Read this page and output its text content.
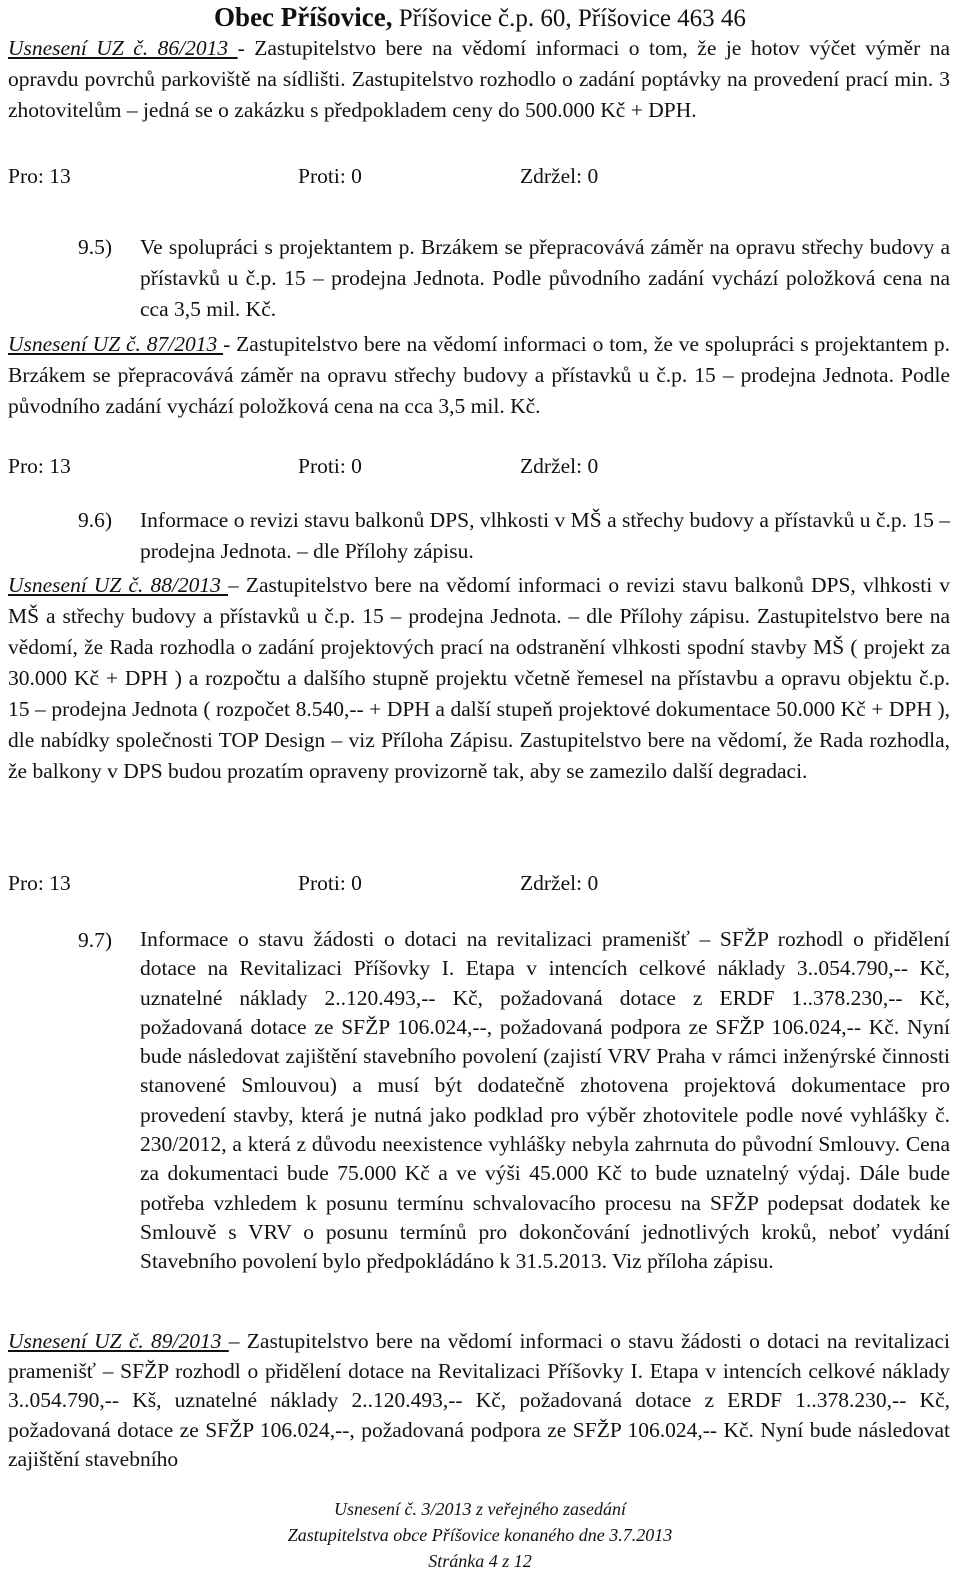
Obec Příšovice, Příšovice č.p. 60, Příšovice 463 46
Usnesení UZ č. 86/2013 - Zastupitelstvo bere na vědomí informaci o tom, že je hotov výčet výměr na opravdu povrchů parkoviště na sídlišti. Zastupitelstvo rozhodlo o zadání poptávky na provedení prací min. 3 zhotovitelům – jedná se o zakázku s předpokladem ceny do 500.000 Kč + DPH.
Pro: 13	Proti: 0	Zdržel: 0
9.5) Ve spolupráci s projektantem p. Brzákem se přepracovává záměr na opravu střechy budovy a přístavků u č.p. 15 – prodejna Jednota. Podle původního zadání vychází položková cena na cca 3,5 mil. Kč.
Usnesení UZ č. 87/2013 - Zastupitelstvo bere na vědomí informaci o tom, že ve spolupráci s projektantem p. Brzákem se přepracovává záměr na opravu střechy budovy a přístavků u č.p. 15 – prodejna Jednota. Podle původního zadání vychází položková cena na cca 3,5 mil. Kč.
Pro: 13	Proti: 0	Zdržel: 0
9.6) Informace o revizi stavu balkonů DPS, vlhkosti v MŠ a střechy budovy a přístavků u č.p. 15 – prodejna Jednota. – dle Přílohy zápisu.
Usnesení UZ č. 88/2013 – Zastupitelstvo bere na vědomí informaci o revizi stavu balkonů DPS, vlhkosti v MŠ a střechy budovy a přístavků u č.p. 15 – prodejna Jednota. – dle Přílohy zápisu. Zastupitelstvo bere na vědomí, že Rada rozhodla o zadání projektových prací na odstranění vlhkosti spodní stavby MŠ ( projekt za 30.000 Kč + DPH ) a rozpočtu a dalšího stupně projektu včetně řemesel na přístavbu a opravu objektu č.p. 15 – prodejna Jednota ( rozpočet 8.540,-- + DPH a další stupeň projektové dokumentace 50.000 Kč + DPH ), dle nabídky společnosti TOP Design – viz Příloha Zápisu. Zastupitelstvo bere na vědomí, že Rada rozhodla, že balkony v DPS budou prozatím opraveny provizorně tak, aby se zamezilo další degradaci.
Pro: 13	Proti: 0	Zdržel: 0
9.7) Informace o stavu žádosti o dotaci na revitalizaci pramenišť – SFŽP rozhodl o přidělení dotace na Revitalizaci Příšovky I. Etapa v intencích celkové náklady 3..054.790,-- Kč, uznatelné náklady 2..120.493,-- Kč, požadovaná dotace z ERDF 1..378.230,-- Kč, požadovaná dotace ze SFŽP 106.024,--, požadovaná podpora ze SFŽP 106.024,-- Kč. Nyní bude následovat zajištění stavebního povolení (zajistí VRV Praha v rámci inženýrské činnosti stanovené Smlouvou) a musí být dodatečně zhotovena projektová dokumentace pro provedení stavby, která je nutná jako podklad pro výběr zhotovitele podle nové vyhlášky č. 230/2012, a která z důvodu neexistence vyhlášky nebyla zahrnuta do původní Smlouvy. Cena za dokumentaci bude 75.000 Kč a ve výši 45.000 Kč to bude uznatelný výdaj. Dále bude potřeba vzhledem k posunu termínu schvalovacího procesu na SFŽP podepsat dodatek ke Smlouvě s VRV o posunu termínů pro dokončování jednotlivých kroků, neboť vydání Stavebního povolení bylo předpokládáno k 31.5.2013. Viz příloha zápisu.
Usnesení UZ č. 89/2013 – Zastupitelstvo bere na vědomí informaci o stavu žádosti o dotaci na revitalizaci pramenišť – SFŽP rozhodl o přidělení dotace na Revitalizaci Příšovky I. Etapa v intencích celkové náklady 3..054.790,-- Kš, uznatelné náklady 2..120.493,-- Kč, požadovaná dotace z ERDF 1..378.230,-- Kč, požadovaná dotace ze SFŽP 106.024,--, požadovaná podpora ze SFŽP 106.024,-- Kč. Nyní bude následovat zajištění stavebního
Usnesení č. 3/2013 z veřejného zasedání
Zastupitelstva obce Příšovice konaného dne 3.7.2013
Stránka 4 z 12
